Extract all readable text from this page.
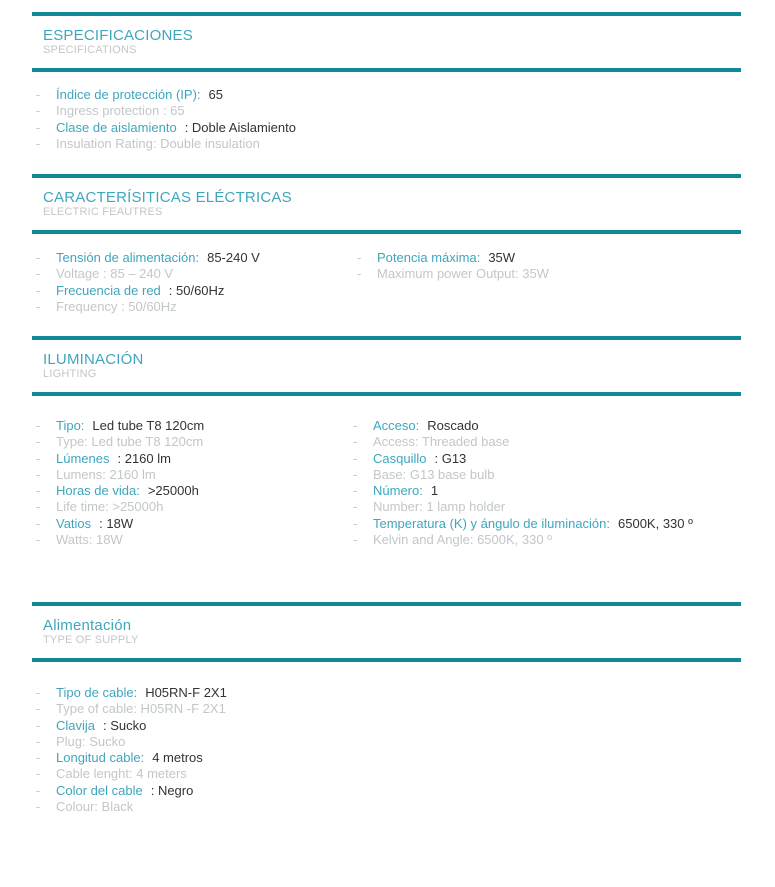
ESPECIFICACIONES
SPECIFICATIONS
- Índice de protección (IP): 65
- Ingress protection : 65
- Clase de aislamiento : Doble Aislamiento
- Insulation Rating: Double insulation
CARACTERÍSITICAS ELÉCTRICAS
ELECTRIC FEAUTRES
- Tensión de alimentación: 85-240 V
- Voltage : 85 – 240 V
- Frecuencia de red : 50/60Hz
- Frequency : 50/60Hz
- Potencia máxima: 35W
- Maximum power Output: 35W
ILUMINACIÓN
LIGHTING
- Tipo: Led tube T8 120cm
- Type: Led tube T8 120cm
- Lúmenes : 2160 lm
- Lumens: 2160 lm
- Horas de vida: >25000h
- Life time: >25000h
- Vatios : 18W
- Watts: 18W
- Acceso: Roscado
- Access: Threaded base
- Casquillo : G13
- Base: G13 base bulb
- Número: 1
- Number: 1 lamp holder
- Temperatura (K) y ángulo de iluminación: 6500K, 330 º
- Kelvin and Angle: 6500K, 330 º
Alimentación
TYPE OF SUPPLY
- Tipo de cable: H05RN-F 2X1
- Type of cable: H05RN -F 2X1
- Clavija : Sucko
- Plug: Sucko
- Longitud cable: 4 metros
- Cable lenght: 4 meters
- Color del cable : Negro
- Colour: Black
